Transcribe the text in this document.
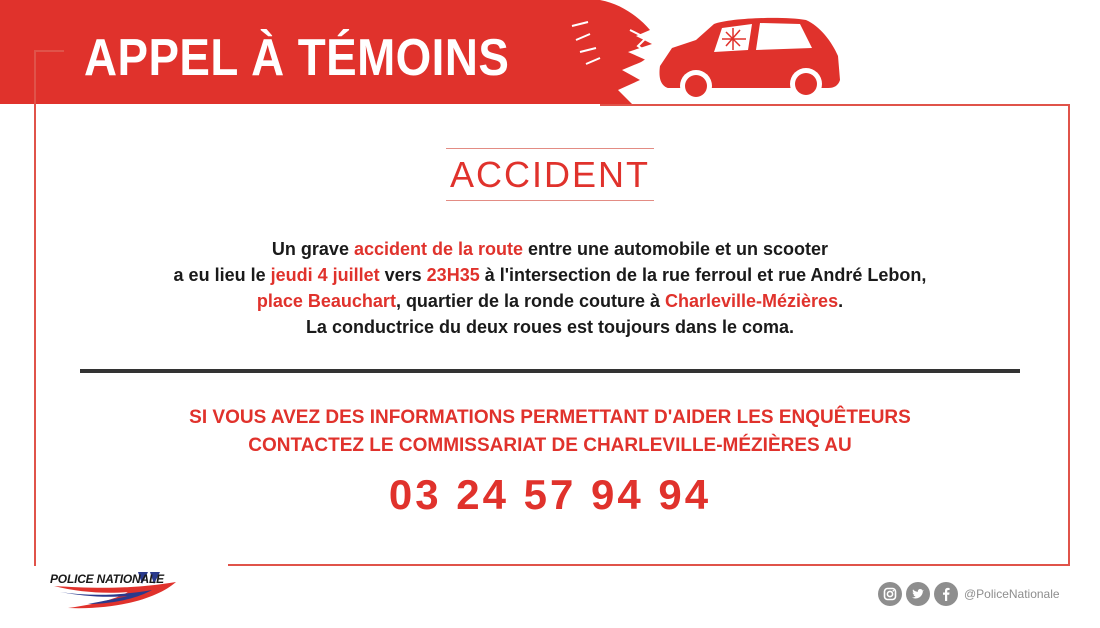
APPEL À TÉMOINS
ACCIDENT
Un grave accident de la route entre une automobile et un scooter
a eu lieu le jeudi 4 juillet vers 23H35 à l'intersection de la rue ferroul et rue André Lebon,
place Beauchart, quartier de la ronde couture à Charleville-Mézières.
La conductrice du deux roues est toujours dans le coma.
SI VOUS AVEZ DES INFORMATIONS PERMETTANT D'AIDER LES ENQUÊTEURS
CONTACTEZ LE COMMISSARIAT DE CHARLEVILLE-MÉZIÈRES AU
03 24 57 94 94
POLICE NATIONALE
@PoliceNationale
